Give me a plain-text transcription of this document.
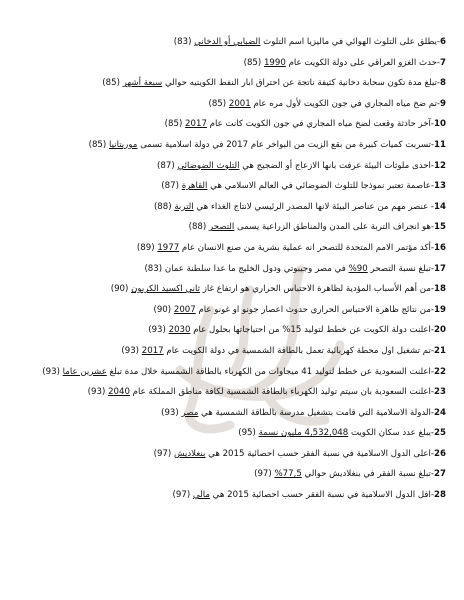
6-يطلق على التلوث الهوائي في ماليزيا اسم التلوث الضبابي أو الدخاني (83)
7-حدث الغزو العراقي على دولة الكويت عام 1990 (85)
8-تبلغ مدة تكون سحابة دخانية كثيفة ناتجة عن احتراق ابار النفط الكويتيه حوالي سبعة أشهر (85)
9-تم ضخ مياه المجاري في جون الكويت لأول مره عام 2001 (85)
10-آخر حادثة وقعت لضخ مياه المجاري في جون الكويت كانت عام 2017 (85)
11-تسربت كميات كبيرة من بقع الزيت من البواخر عام 2017 في دولة اسلامية تسمى موريتانيا (85)
12-احدى ملوثات البيئة عرفت بانها الازعاج أو الضجيج هي التلوث الضوضائي (87)
13-عاصمة تعتبر نموذجا للتلوث الضوضائي في العالم الاسلامي هي القاهرة (87)
14- عنصر مهم من عناصر البيئة لانها المصدر الرئيسي لانتاج الغذاء هي التربة (88)
15-هو انجراف التربة على المدن والمناطق الزراعية يسمى التصحر (88)
16-أكد مؤتمر الامم المتحدة للتصحر انه عملية بشرية من صنع الانسان عام 1977 (89)
17-تبلغ نسبة التصحر 90% في مصر وجيبوتي ودول الخليج ما عدا سلطنة عمان (83)
18-من أهم الأسباب المؤدية لظاهرة الاحتباس الحراري هو ارتفاع غاز ثاني اكسيد الكربون (90)
19-من نتائج ظاهرة الاحتباس الحراري حدوث اعصار جونو او غونو عام 2007 (90)
20-اعلنت دولة الكويت عن خطط لتوليد 15% من احتياجاتها بحلول عام 2030 (93)
21-تم تشغيل اول محطة كهربائية تعمل بالطاقة الشمسية في دولة الكويت عام 2017 (93)
22-اعلنت السعودية عن خطط لتوليد 41 ميجاوات من الكهرباء بالطاقة الشمسية خلال مدة تبلغ عشرين عاما (93)
23-اعلنت السعودية بان سيتم توليد الكهرباء بالطاقة الشمسية لكافة مناطق المملكة عام 2040 (93)
24-الدولة الاسلامية التي قامت بتشغيل مدرسة بالطاقة الشمسية هي مصر (93)
25-يبلغ عدد سكان الكويت 4,532,048 مليون نسمة (95)
26-اعلى الدول الاسلامية في نسبة الفقر حسب احصائية 2015 هي بنغلاديش (97)
27-تبلغ نسبة الفقر في بنغلاديش حوالي 77,5% (97)
28-اقل الدول الاسلامية في نسبة الفقر حسب احصائية 2015 هي مالي (97)
